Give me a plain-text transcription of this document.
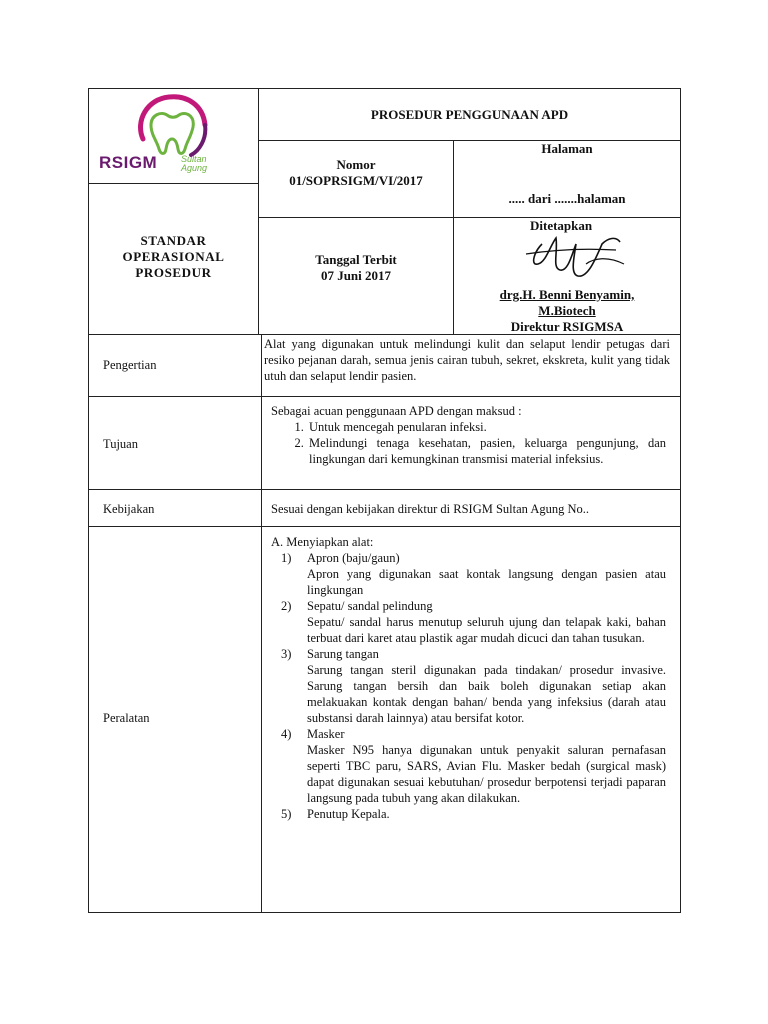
RSIGM	Sultan
Agung
PROSEDUR PENGGUNAAN APD
Nomor
01/SOPRSIGM/VI/2017
Halaman
..... dari .......halaman
STANDAR
OPERASIONAL
PROSEDUR
Tanggal Terbit
07 Juni 2017
Ditetapkan
drg.H. Benni Benyamin,
M.Biotech
Direktur RSIGMSA
Pengertian
Alat yang digunakan untuk melindungi kulit dan selaput lendir petugas dari resiko pejanan darah, semua jenis cairan tubuh, sekret, ekskreta, kulit yang tidak utuh dan selaput lendir pasien.
Tujuan
Sebagai acuan penggunaan APD dengan maksud :
1. Untuk mencegah penularan infeksi.
2. Melindungi tenaga kesehatan, pasien, keluarga pengunjung, dan lingkungan dari kemungkinan transmisi material infeksius.
Kebijakan	Sesuai dengan kebijakan direktur di RSIGM Sultan Agung No..
Peralatan
A. Menyiapkan alat:
1) Apron (baju/gaun)
Apron yang digunakan saat kontak langsung dengan pasien atau lingkungan
2) Sepatu/ sandal pelindung
Sepatu/ sandal harus menutup seluruh ujung dan telapak kaki, bahan terbuat dari karet atau plastik agar mudah dicuci dan tahan tusukan.
3) Sarung tangan
Sarung tangan steril digunakan pada tindakan/ prosedur invasive. Sarung tangan bersih dan baik boleh digunakan setiap akan melakuakan kontak dengan bahan/ benda yang infeksius (darah atau substansi darah lainnya) atau bersifat kotor.
4) Masker
Masker N95 hanya digunakan untuk penyakit saluran pernafasan seperti TBC paru, SARS, Avian Flu. Masker bedah (surgical mask) dapat digunakan sesuai kebutuhan/ prosedur berpotensi terjadi paparan langsung pada tubuh yang akan dilakukan.
5) Penutup Kepala.
